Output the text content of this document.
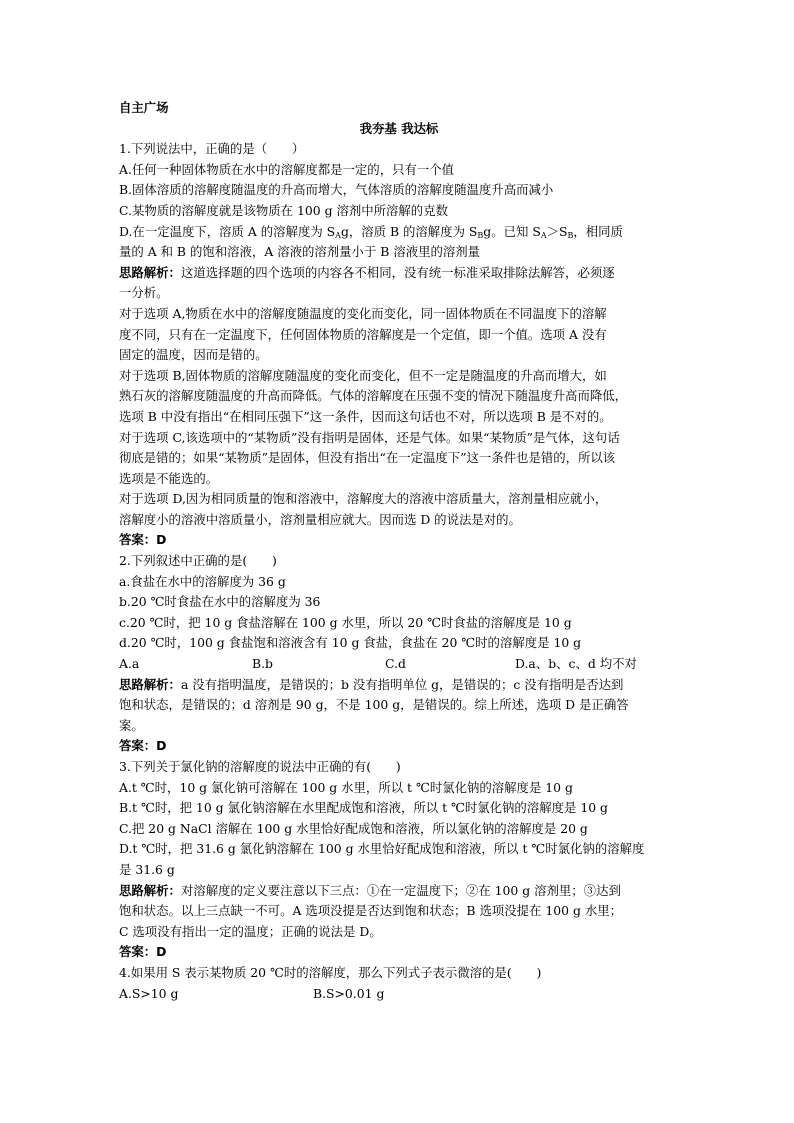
自主广场
我夯基 我达标
1.下列说法中，正确的是（　　）
A.任何一种固体物质在水中的溶解度都是一定的，只有一个值
B.固体溶质的溶解度随温度的升高而增大，气体溶质的溶解度随温度升高而减小
C.某物质的溶解度就是该物质在 100 g 溶剂中所溶解的克数
D.在一定温度下，溶质 A 的溶解度为 $S_Ag$，溶质 B 的溶解度为 $S_Bg$。已知 $S_A>S_B$，相同质
量的 A 和 B 的饱和溶液，A 溶液的溶剂量小于 B 溶液里的溶剂量
思路解析：这道选择题的四个选项的内容各不相同，没有统一标准采取排除法解答，必须逐
一分析。
对于选项 A,物质在水中的溶解度随温度的变化而变化，同一固体物质在不同温度下的溶解
度不同，只有在一定温度下，任何固体物质的溶解度是一个定值，即一个值。选项 A 没有
固定的温度，因而是错的。
对于选项 B,固体物质的溶解度随温度的变化而变化，但不一定是随温度的升高而增大，如
熟石灰的溶解度随温度的升高而降低。气体的溶解度在压强不变的情况下随温度升高而降低，
选项 B 中没有指出“在相同压强下”这一条件，因而这句话也不对，所以选项 B 是不对的。
对于选项 C,该选项中的“某物质”没有指明是固体，还是气体。如果“某物质”是气体，这句话
彻底是错的；如果“某物质”是固体，但没有指出“在一定温度下”这一条件也是错的，所以该
选项是不能选的。
对于选项 D,因为相同质量的饱和溶液中，溶解度大的溶液中溶质量大，溶剂量相应就小，
溶解度小的溶液中溶质量小，溶剂量相应就大。因而选 D 的说法是对的。
答案：D
2.下列叙述中正确的是(　　)
a.食盐在水中的溶解度为 36 g
b.20 ℃时食盐在水中的溶解度为 36
c.20 ℃时，把 10 g 食盐溶解在 100 g 水里，所以 20 ℃时食盐的溶解度是 10 g
d.20 ℃时，100 g 食盐饱和溶液含有 10 g 食盐，食盐在 20 ℃时的溶解度是 10 g
A.a	B.b	C.d	D.a、b、c、d 均不对
思路解析：a 没有指明温度，是错误的；b 没有指明单位 g，是错误的；c 没有指明是否达到
饱和状态，是错误的；d 溶剂是 90 g，不是 100 g，是错误的。综上所述，选项 D 是正确答
案。
答案：D
3.下列关于氯化钠的溶解度的说法中正确的有(　　)
A.t ℃时，10 g 氯化钠可溶解在 100 g 水里，所以 t ℃时氯化钠的溶解度是 10 g
B.t ℃时，把 10 g 氯化钠溶解在水里配成饱和溶液，所以 t ℃时氯化钠的溶解度是 10 g
C.把 20 g NaCl 溶解在 100 g 水里恰好配成饱和溶液，所以氯化钠的溶解度是 20 g
D.t ℃时，把 31.6 g 氯化钠溶解在 100 g 水里恰好配成饱和溶液，所以 t ℃时氯化钠的溶解度
是 31.6 g
思路解析：对溶解度的定义要注意以下三点：①在一定温度下；②在 100 g 溶剂里；③达到
饱和状态。以上三点缺一不可。A 选项没提是否达到饱和状态；B 选项没提在 100 g 水里；
C 选项没有指出一定的温度；正确的说法是 D。
答案：D
4.如果用 S 表示某物质 20 ℃时的溶解度，那么下列式子表示微溶的是(　　)
A.S>10 g	B.S>0.01 g
